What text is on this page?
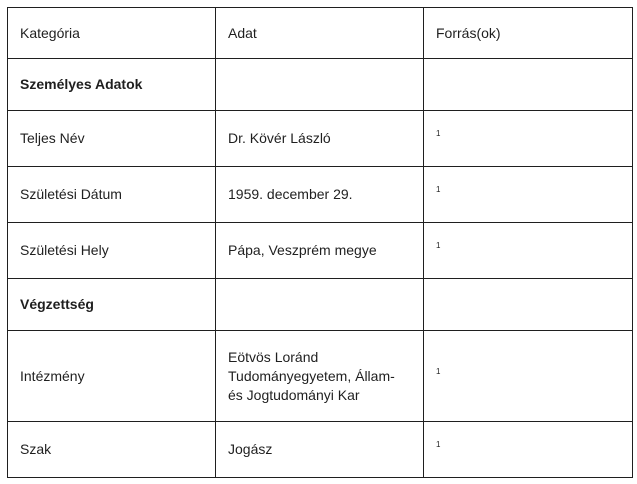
Kategória	Adat	Forrás(ok)
Személyes Adatok		
Teljes Név	Dr. Kövér László	1
Születési Dátum	1959. december 29.	1
Születési Hely	Pápa, Veszprém megye	1
Végzettség		
Intézmény	Eötvös Loránd Tudományegyetem, Állam- és Jogtudományi Kar	1
Szak	Jogász	1
